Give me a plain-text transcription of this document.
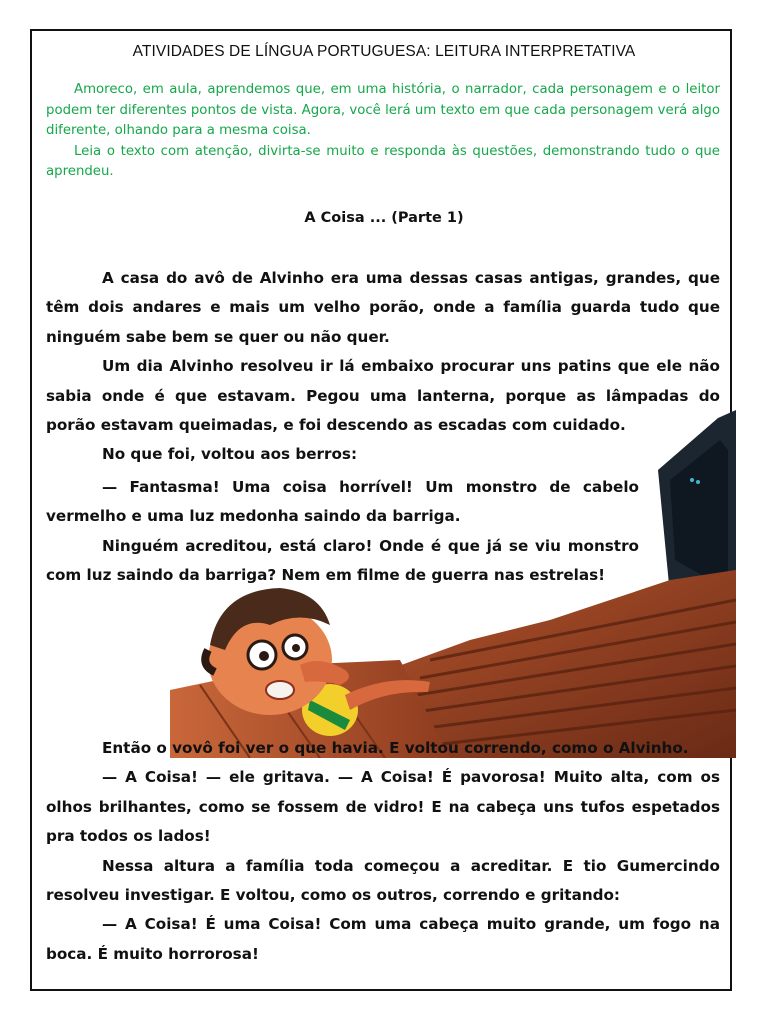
ATIVIDADES DE LÍNGUA PORTUGUESA: LEITURA INTERPRETATIVA

Amoreco, em aula, aprendemos que, em uma história, o narrador, cada personagem e o leitor podem ter diferentes pontos de vista. Agora, você lerá um texto em que cada personagem verá algo diferente, olhando para a mesma coisa.

Leia o texto com atenção, divirta-se muito e responda às questões, demonstrando tudo o que aprendeu.

A Coisa ... (Parte 1)

A casa do avô de Alvinho era uma dessas casas antigas, grandes, que têm dois andares e mais um velho porão, onde a família guarda tudo que ninguém sabe bem se quer ou não quer.

Um dia Alvinho resolveu ir lá embaixo procurar uns patins que ele não sabia onde é que estavam. Pegou uma lanterna, porque as lâmpadas do porão estavam queimadas, e foi descendo as escadas com cuidado.

No que foi, voltou aos berros:

— Fantasma! Uma coisa horrível! Um monstro de cabelo vermelho e uma luz medonha saindo da barriga.

Ninguém acreditou, está claro! Onde é que já se viu monstro com luz saindo da barriga? Nem em filme de guerra nas estrelas!

Então o vovô foi ver o que havia. E voltou correndo, como o Alvinho.

— A Coisa! — ele gritava. — A Coisa! É pavorosa! Muito alta, com os olhos brilhantes, como se fossem de vidro! E na cabeça uns tufos espetados pra todos os lados!

Nessa altura a família toda começou a acreditar. E tio Gumercindo resolveu investigar. E voltou, como os outros, correndo e gritando:

— A Coisa! É uma Coisa! Com uma cabeça muito grande, um fogo na boca. É muito horrorosa!
